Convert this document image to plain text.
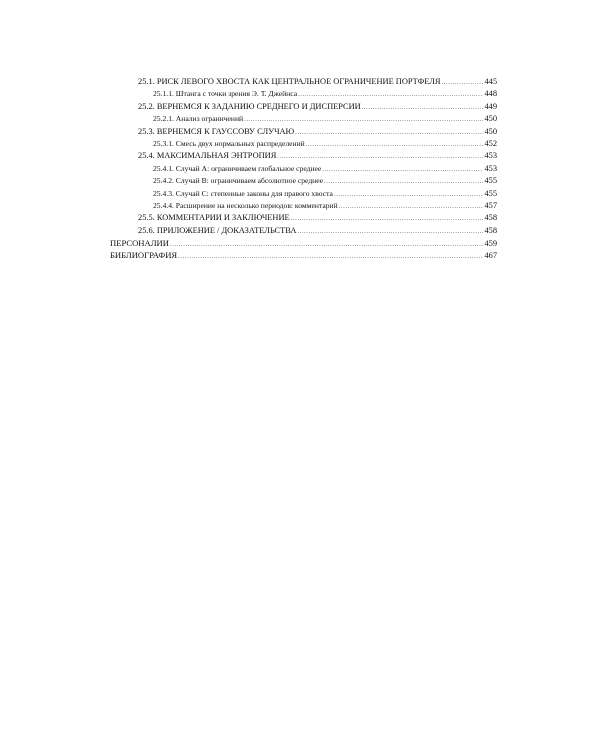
25.1. РИСК ЛЕВОГО ХВОСТА КАК ЦЕНТРАЛЬНОЕ ОГРАНИЧЕНИЕ ПОРТФЕЛЯ .....	445
25.1.1. Штанга с точки зрения Э. Т. Джейнса .....	448
25.2. ВЕРНЕМСЯ К ЗАДАНИЮ СРЕДНЕГО И ДИСПЕРСИИ .....	449
25.2.1. Анализ ограничений .....	450
25.3. ВЕРНЕМСЯ К ГАУССОВУ СЛУЧАЮ .....	450
25.3.1. Смесь двух нормальных распределений .....	452
25.4. МАКСИМАЛЬНАЯ ЭНТРОПИЯ .....	453
25.4.1. Случай A: ограничиваем глобальное среднее .....	453
25.4.2. Случай B: ограничиваем абсолютное среднее .....	455
25.4.3. Случай C: степенные законы для правого хвоста .....	455
25.4.4. Расширение на несколько периодов: комментарий .....	457
25.5. КОММЕНТАРИИ И ЗАКЛЮЧЕНИЕ .....	458
25.6. ПРИЛОЖЕНИЕ / ДОКАЗАТЕЛЬСТВА .....	458
ПЕРСОНАЛИИ .....	459
БИБЛИОГРАФИЯ .....	467
